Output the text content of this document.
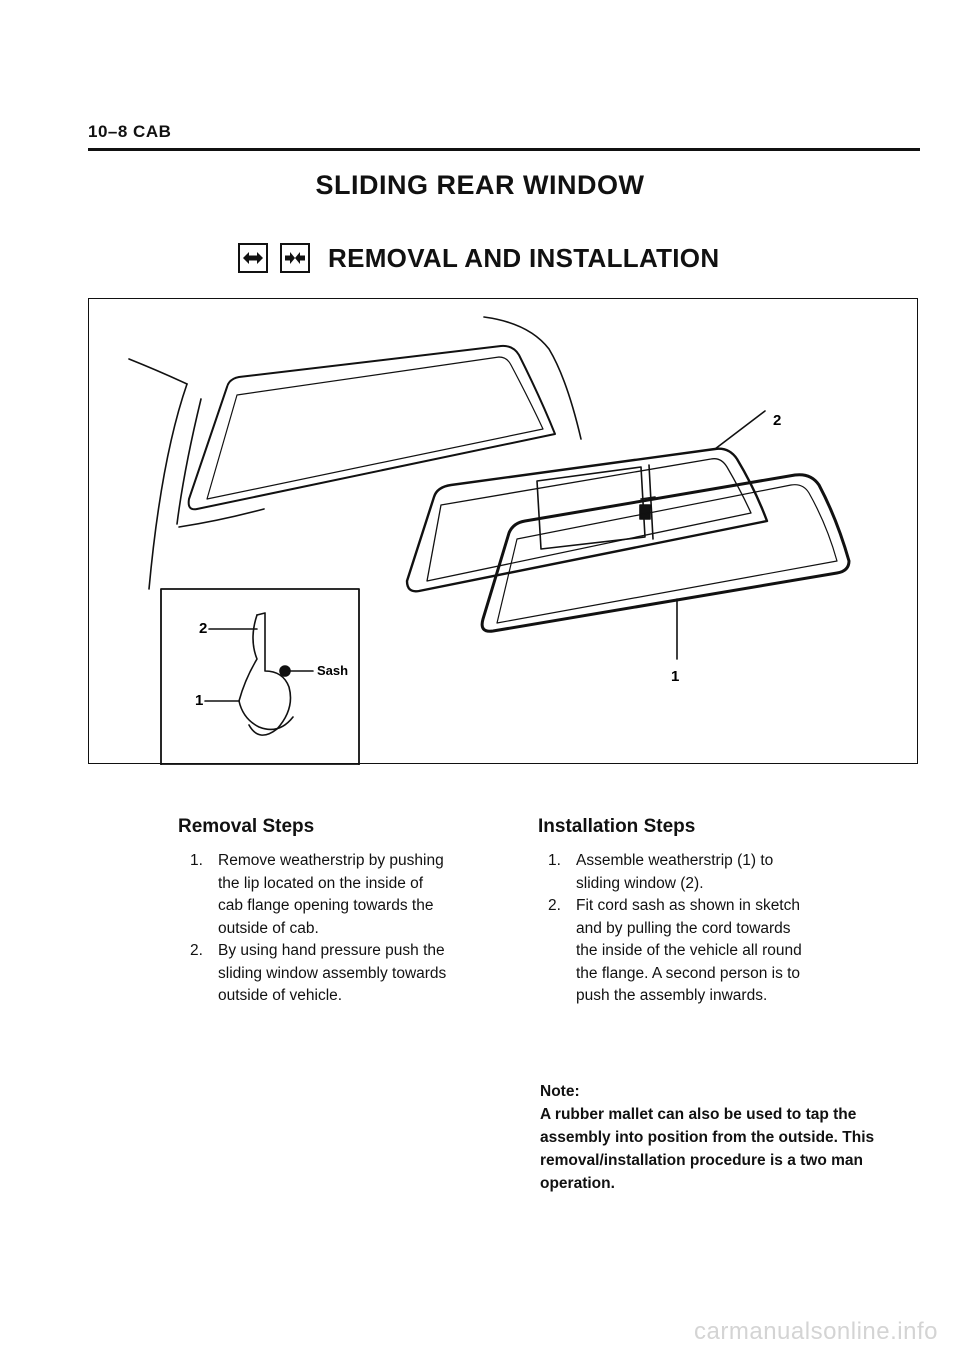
10–8 CAB
SLIDING REAR WINDOW
REMOVAL AND INSTALLATION
2
1
2
1
Sash
Removal Steps
1. Remove weatherstrip by pushing
the lip located on the inside of
cab flange opening towards the
outside of cab.
2. By using hand pressure push the
sliding window assembly towards
outside of vehicle.
Installation Steps
1. Assemble weatherstrip (1) to
sliding window (2).
2. Fit cord sash as shown in sketch
and by pulling the cord towards
the inside of the vehicle all round
the flange. A second person is to
push the assembly inwards.
Note:
A rubber mallet can also be used to tap the
assembly into position from the outside. This
removal/installation procedure is a two man
operation.
carmanualsonline.info
